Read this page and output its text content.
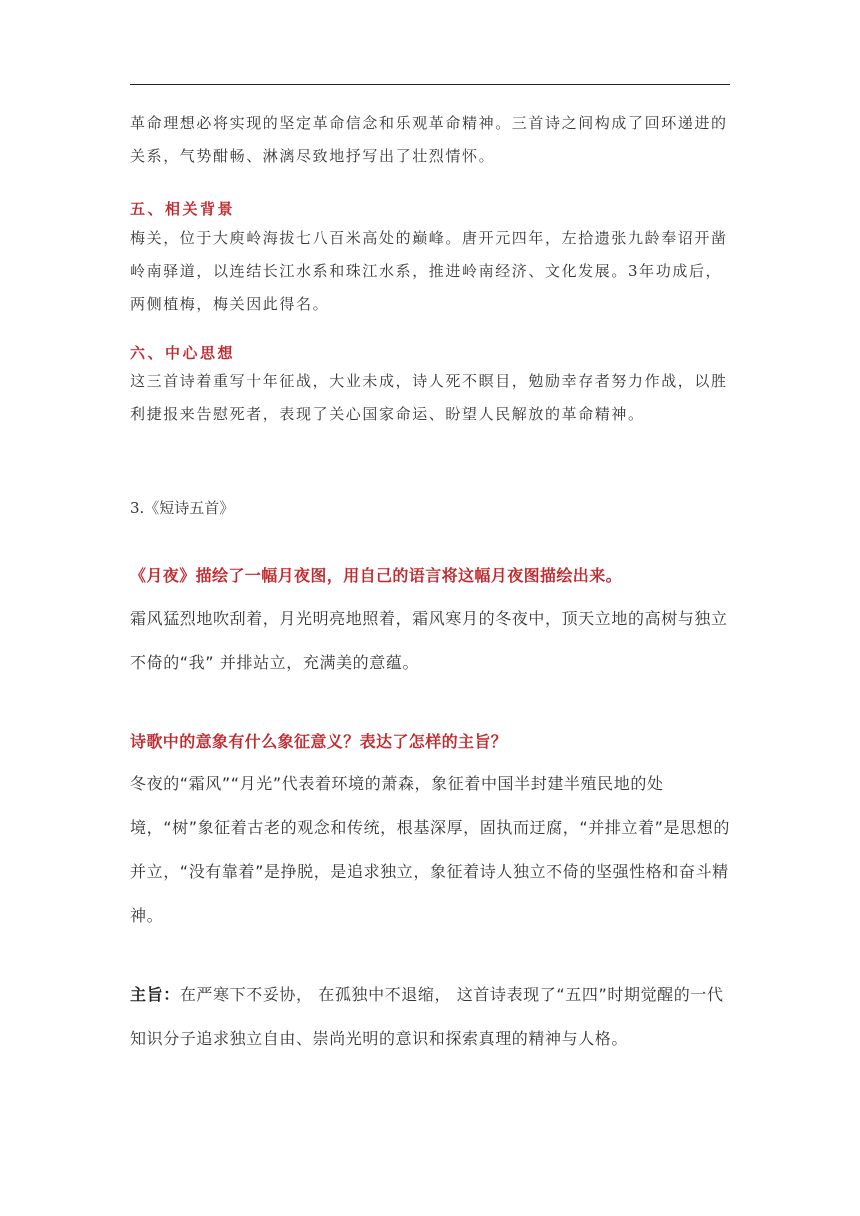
革命理想必将实现的坚定革命信念和乐观革命精神。三首诗之间构成了回环递进的关系，气势酣畅、淋漓尽致地抒写出了壮烈情怀。

五、相关背景

梅关，位于大庾岭海拔七八百米高处的巅峰。唐开元四年，左拾遗张九龄奉诏开凿岭南驿道，以连结长江水系和珠江水系，推进岭南经济、文化发展。3年功成后，两侧植梅，梅关因此得名。

六、中心思想

这三首诗着重写十年征战，大业未成，诗人死不瞑目，勉励幸存者努力作战，以胜利捷报来告慰死者，表现了关心国家命运、盼望人民解放的革命精神。

3.《短诗五首》
《月夜》描绘了一幅月夜图，用自己的语言将这幅月夜图描绘出来。

霜风猛烈地吹刮着，月光明亮地照着，霜风寒月的冬夜中，顶天立地的高树与独立不倚的“我” 并排站立，充满美的意蕴。

诗歌中的意象有什么象征意义？表达了怎样的主旨？

冬夜的“霜风”“月光”代表着环境的萧森，象征着中国半封建半殖民地的处境，“树”象征着古老的观念和传统，根基深厚，固执而迂腐，“并排立着”是思想的并立，“没有靠着”是挣脱，是追求独立，象征着诗人独立不倚的坚强性格和奋斗精神。

主旨：在严寒下不妥协， 在孤独中不退缩， 这首诗表现了“五四”时期觉醒的一代知识分子追求独立自由、崇尚光明的意识和探索真理的精神与人格。
